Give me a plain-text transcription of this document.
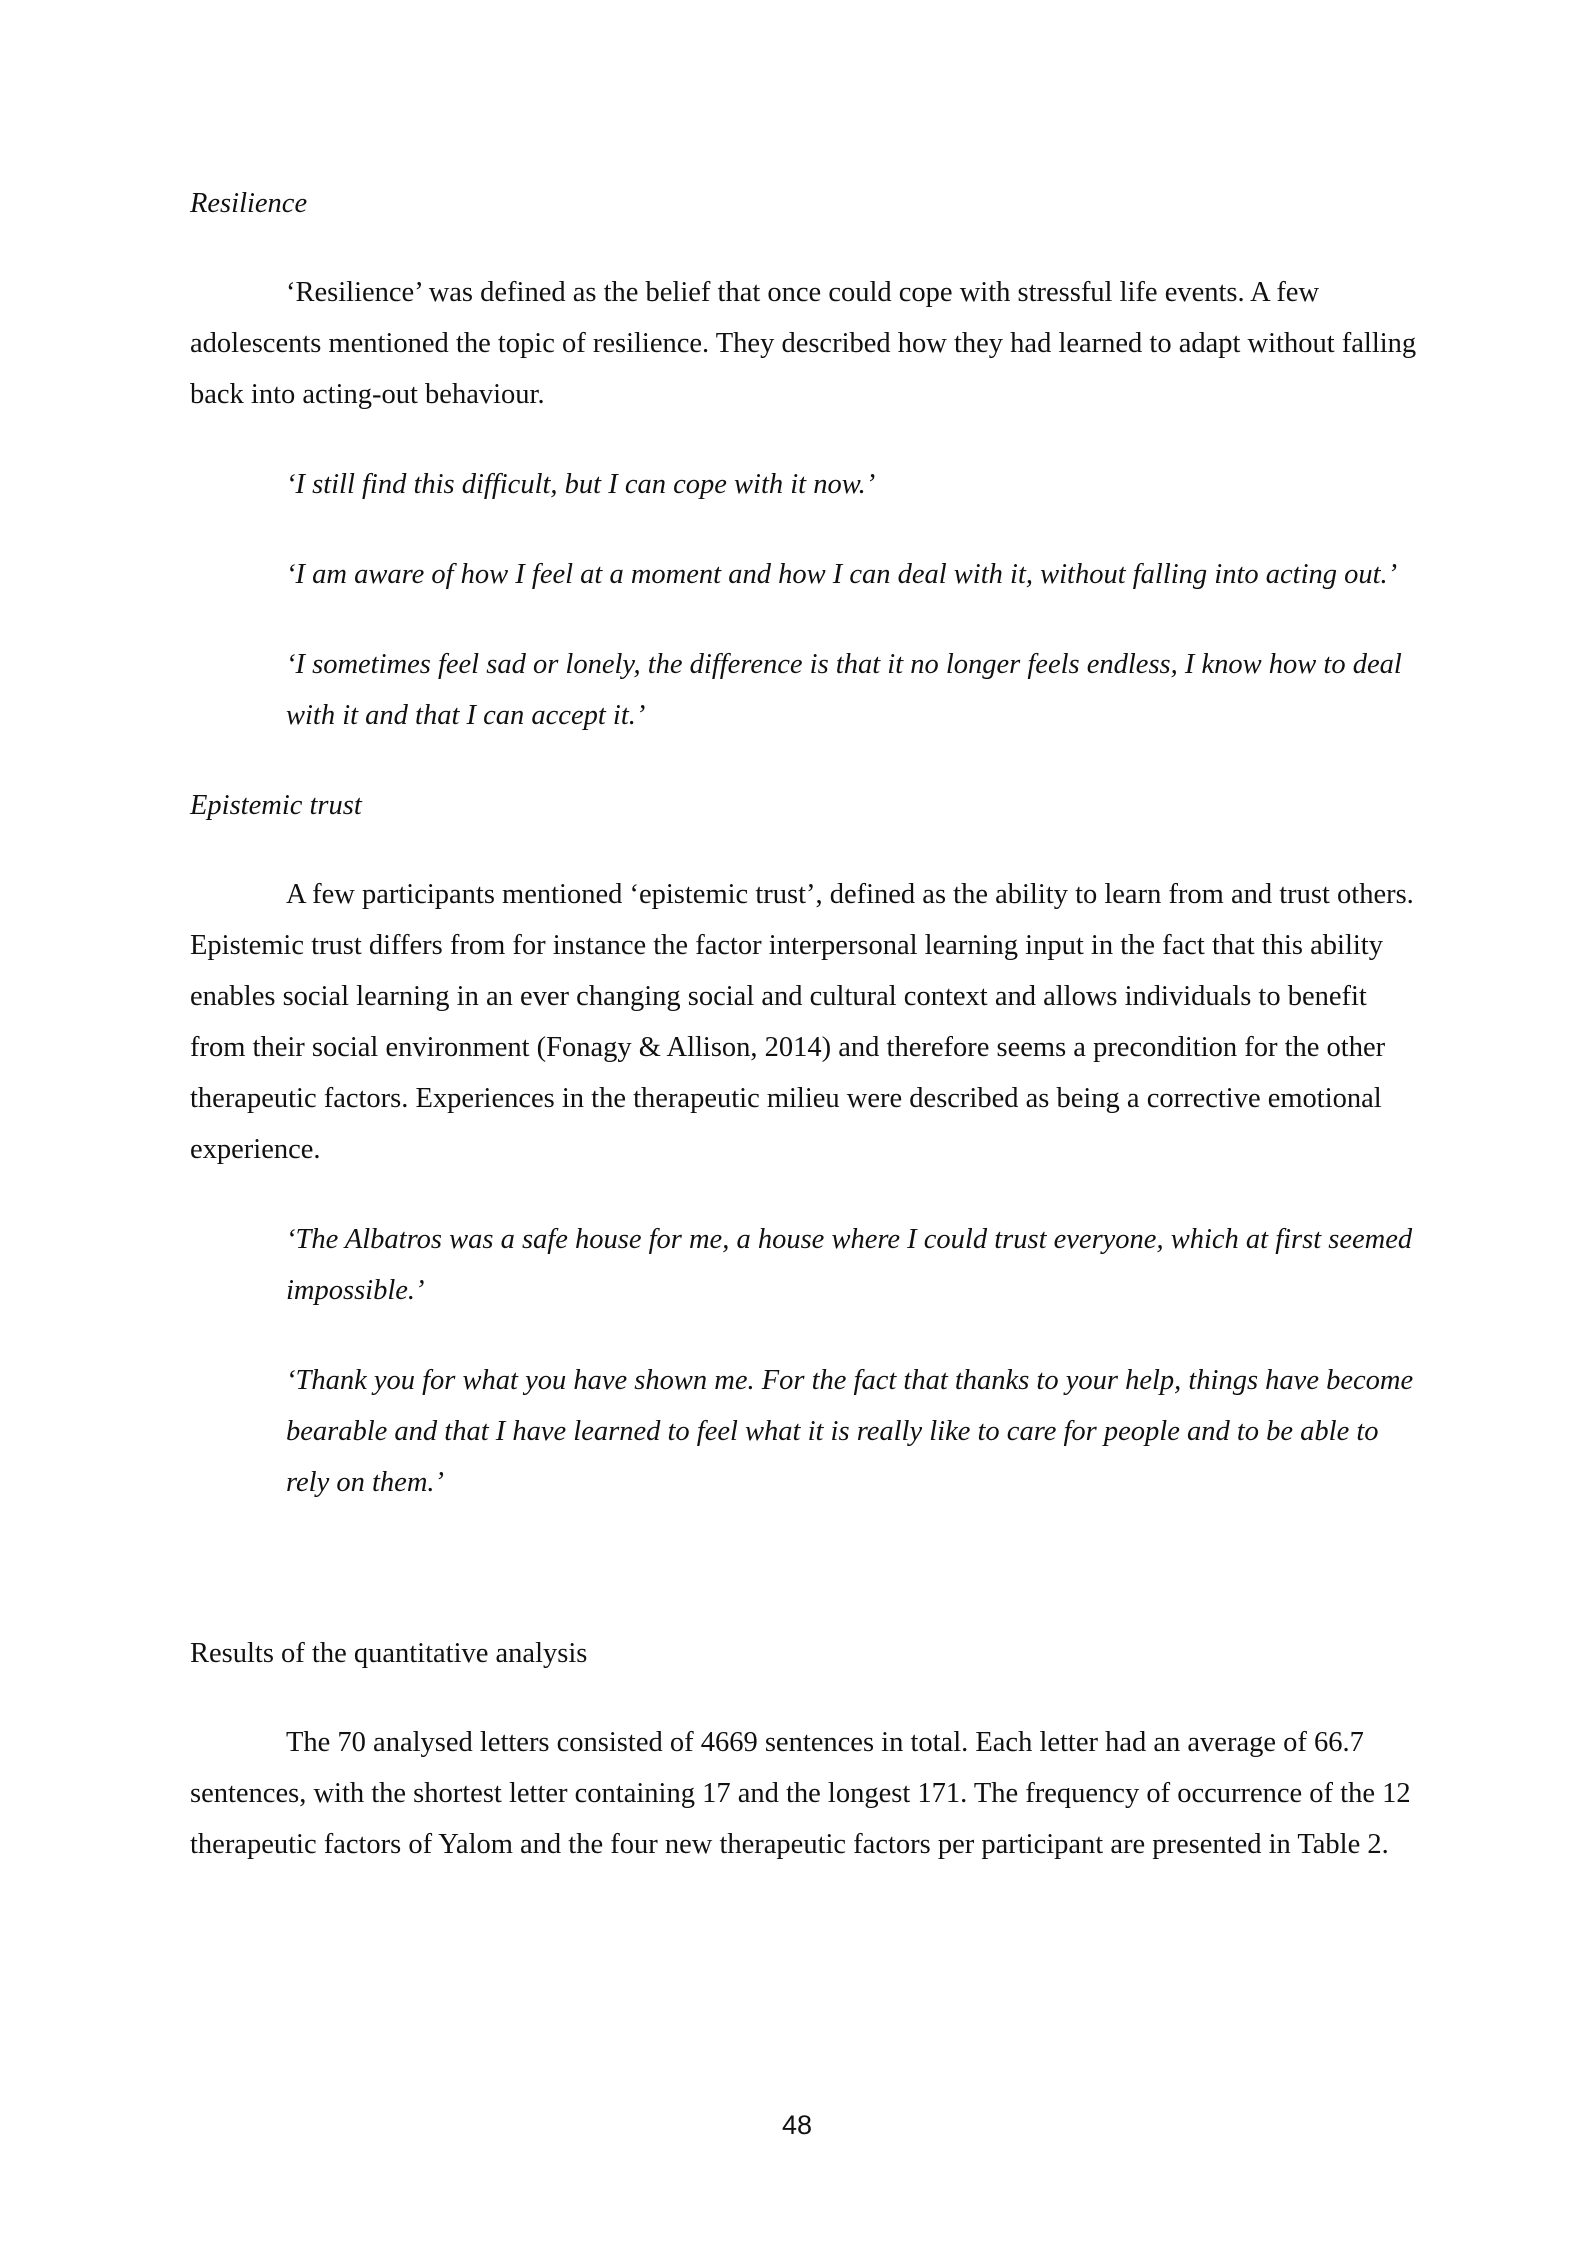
Resilience

‘Resilience’ was defined as the belief that once could cope with stressful life events. A few adolescents mentioned the topic of resilience. They described how they had learned to adapt without falling back into acting-out behaviour.

‘I still find this difficult, but I can cope with it now.’

‘I am aware of how I feel at a moment and how I can deal with it, without falling into acting out.’

‘I sometimes feel sad or lonely, the difference is that it no longer feels endless, I know how to deal with it and that I can accept it.’

Epistemic trust

A few participants mentioned ‘epistemic trust’, defined as the ability to learn from and trust others. Epistemic trust differs from for instance the factor interpersonal learning input in the fact that this ability enables social learning in an ever changing social and cultural context and allows individuals to benefit from their social environment (Fonagy & Allison, 2014) and therefore seems a precondition for the other therapeutic factors. Experiences in the therapeutic milieu were described as being a corrective emotional experience.

‘The Albatros was a safe house for me, a house where I could trust everyone, which at first seemed impossible.’

‘Thank you for what you have shown me. For the fact that thanks to your help, things have become bearable and that I have learned to feel what it is really like to care for people and to be able to rely on them.’

Results of the quantitative analysis

The 70 analysed letters consisted of 4669 sentences in total. Each letter had an average of 66.7 sentences, with the shortest letter containing 17 and the longest 171. The frequency of occurrence of the 12 therapeutic factors of Yalom and the four new therapeutic factors per participant are presented in Table 2.

48
